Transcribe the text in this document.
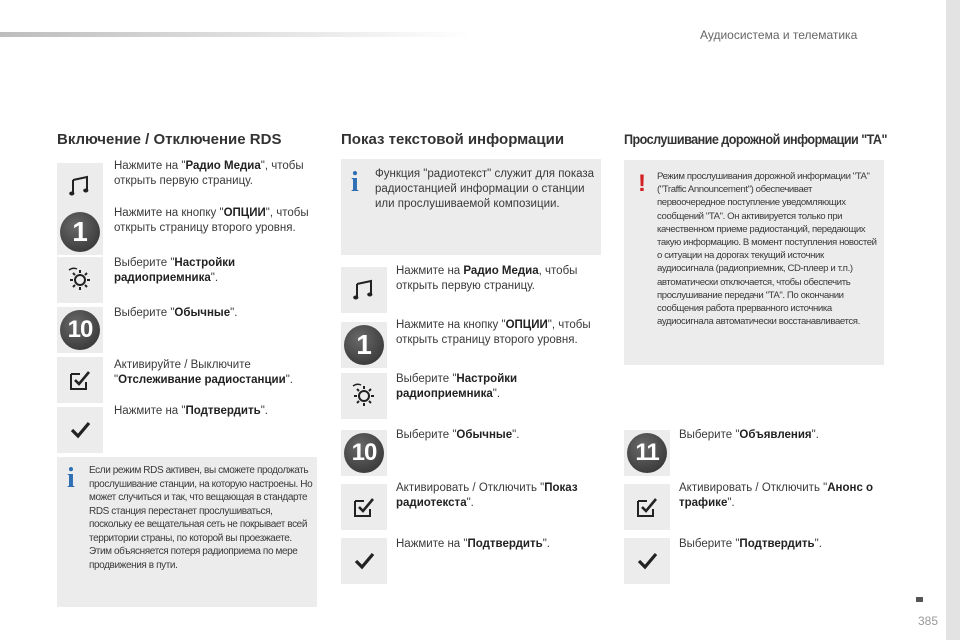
Аудиосистема и телематика
Включение / Отключение RDS
Нажмите на "Радио Медиа", чтобы открыть первую страницу.
1
Нажмите на кнопку "ОПЦИИ", чтобы открыть страницу второго уровня.
Выберите "Настройки радиоприемника".
10
Выберите "Обычные".
Активируйте / Выключите "Отслеживание радиостанции".
Нажмите на "Подтвердить".
i Если режим RDS активен, вы сможете продолжать прослушивание станции, на которую настроены. Но может случиться и так, что вещающая в стандарте RDS станция перестанет прослушиваться, поскольку ее вещательная сеть не покрывает всей территории страны, по которой вы проезжаете. Этим объясняется потеря радиоприема по мере продвижения в пути.
Показ текстовой информации
i Функция "радиотекст" служит для показа радиостанцией информации о станции или прослушиваемой композиции.
Нажмите на Радио Медиа, чтобы открыть первую страницу.
1
Нажмите на кнопку "ОПЦИИ", чтобы открыть страницу второго уровня.
Выберите "Настройки радиоприемника".
10
Выберите "Обычные".
Активировать / Отключить "Показ радиотекста".
Нажмите на "Подтвердить".
Прослушивание дорожной информации "TA"
! Режим прослушивания дорожной информации "TA" ("Traffic Announcement") обеспечивает первоочередное поступление уведомляющих сообщений "TA". Он активируется только при качественном приеме радиостанций, передающих такую информацию. В момент поступления новостей о ситуации на дорогах текущий источник аудиосигнала (радиоприемник, CD-плеер и т.п.) автоматически отключается, чтобы обеспечить прослушивание передачи "TA". По окончании сообщения работа прерванного источника аудиосигнала автоматически восстанавливается.
11
Выберите "Объявления".
Активировать / Отключить "Анонс о трафике".
Выберите "Подтвердить".
385
